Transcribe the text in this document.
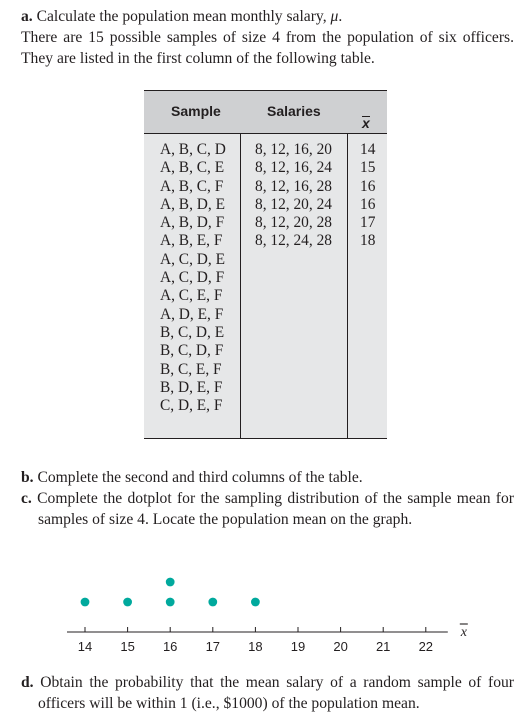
a. Calculate the population mean monthly salary, μ.

There are 15 possible samples of size 4 from the population of six officers. They are listed in the first column of the following table.

Sample	Salaries
x
A, B, C, D
A, B, C, E
A, B, C, F
A, B, D, E
A, B, D, F
A, B, E, F
A, C, D, E
A, C, D, F
A, C, E, F
A, D, E, F
B, C, D, E
B, C, D, F
B, C, E, F
B, D, E, F
C, D, E, F
8, 12, 16, 20
8, 12, 16, 24
8, 12, 16, 28
8, 12, 20, 24
8, 12, 20, 28
8, 12, 24, 28
14
15
16
16
17
18

b. Complete the second and third columns of the table.

c. Complete the dotplot for the sampling distribution of the sample mean for samples of size 4. Locate the population mean on the graph.

14 15 16 17 18 19 20 21 22
x

d. Obtain the probability that the mean salary of a random sample of four officers will be within 1 (i.e., $1000) of the population mean.
